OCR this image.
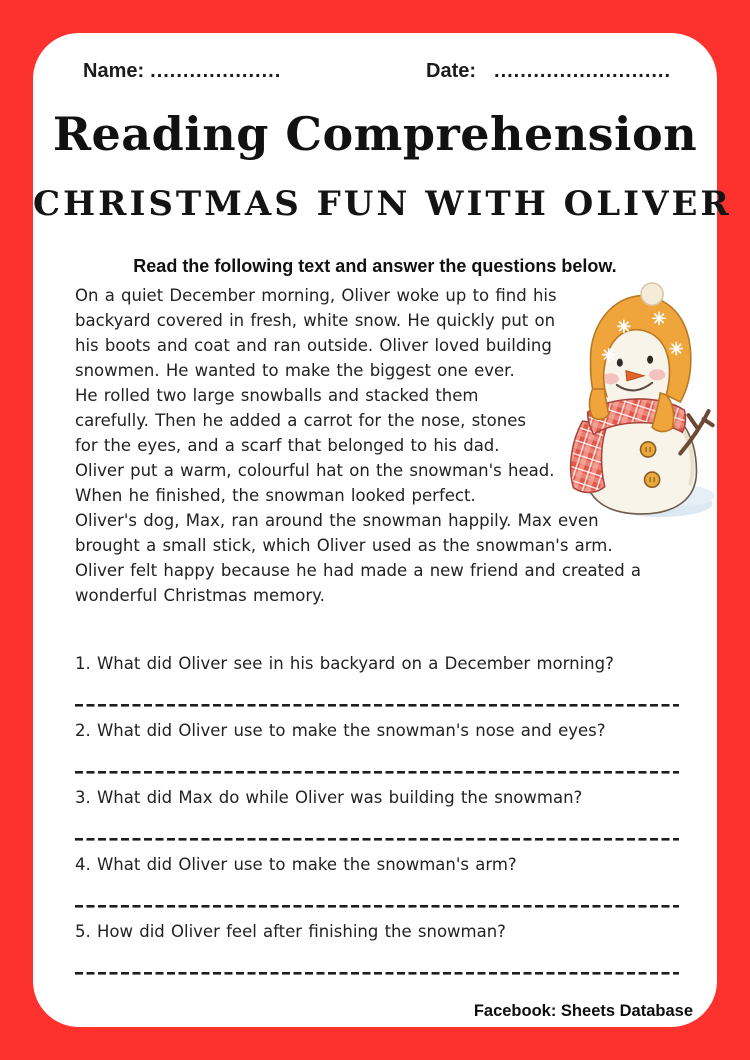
Name: ....................	Date: ...........................
Reading Comprehension
CHRISTMAS FUN WITH OLIVER
Read the following text and answer the questions below.
On a quiet December morning, Oliver woke up to find his
backyard covered in fresh, white snow. He quickly put on
his boots and coat and ran outside. Oliver loved building
snowmen. He wanted to make the biggest one ever.
He rolled two large snowballs and stacked them
carefully. Then he added a carrot for the nose, stones
for the eyes, and a scarf that belonged to his dad.
Oliver put a warm, colourful hat on the snowman's head.
When he finished, the snowman looked perfect.
Oliver's dog, Max, ran around the snowman happily. Max even
brought a small stick, which Oliver used as the snowman's arm.
Oliver felt happy because he had made a new friend and created a
wonderful Christmas memory.
1. What did Oliver see in his backyard on a December morning?
2. What did Oliver use to make the snowman's nose and eyes?
3. What did Max do while Oliver was building the snowman?
4. What did Oliver use to make the snowman's arm?
5. How did Oliver feel after finishing the snowman?
Facebook: Sheets Database
